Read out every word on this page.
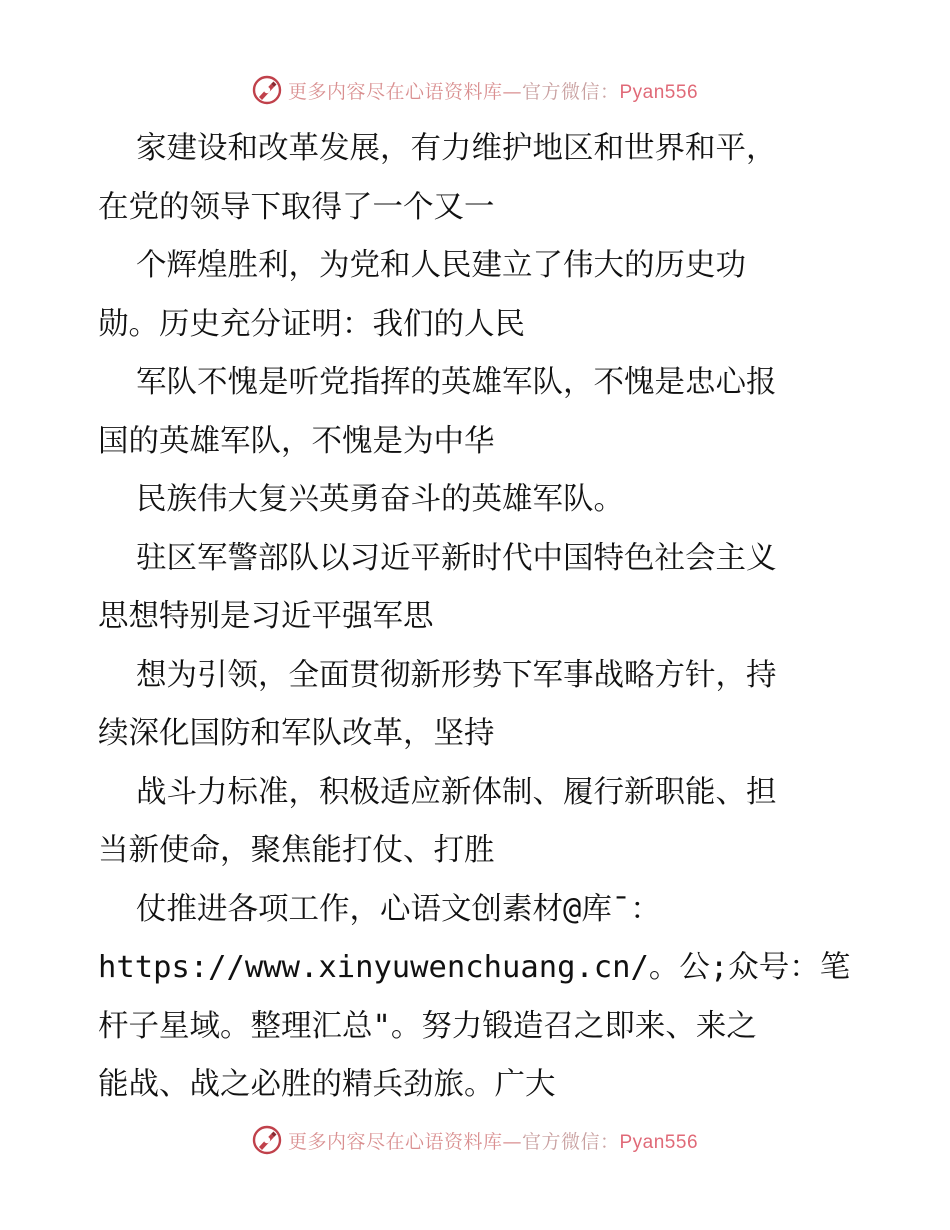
更多内容尽在心语资料库—官方微信：Pyan556
家建设和改革发展，有力维护地区和世界和平，
在党的领导下取得了一个又一
个辉煌胜利，为党和人民建立了伟大的历史功
勋。历史充分证明：我们的人民
军队不愧是听党指挥的英雄军队，不愧是忠心报
国的英雄军队，不愧是为中华
民族伟大复兴英勇奋斗的英雄军队。
驻区军警部队以习近平新时代中国特色社会主义
思想特别是习近平强军思
想为引领，全面贯彻新形势下军事战略方针，持
续深化国防和军队改革，坚持
战斗力标准，积极适应新体制、履行新职能、担
当新使命，聚焦能打仗、打胜
仗推进各项工作，心语文创素材@库¯：
https://www.xinyuwenchuang.cn/。公;众号：笔
杆子星域。整理汇总"。努力锻造召之即来、来之
能战、战之必胜的精兵劲旅。广大
更多内容尽在心语资料库—官方微信：Pyan556
